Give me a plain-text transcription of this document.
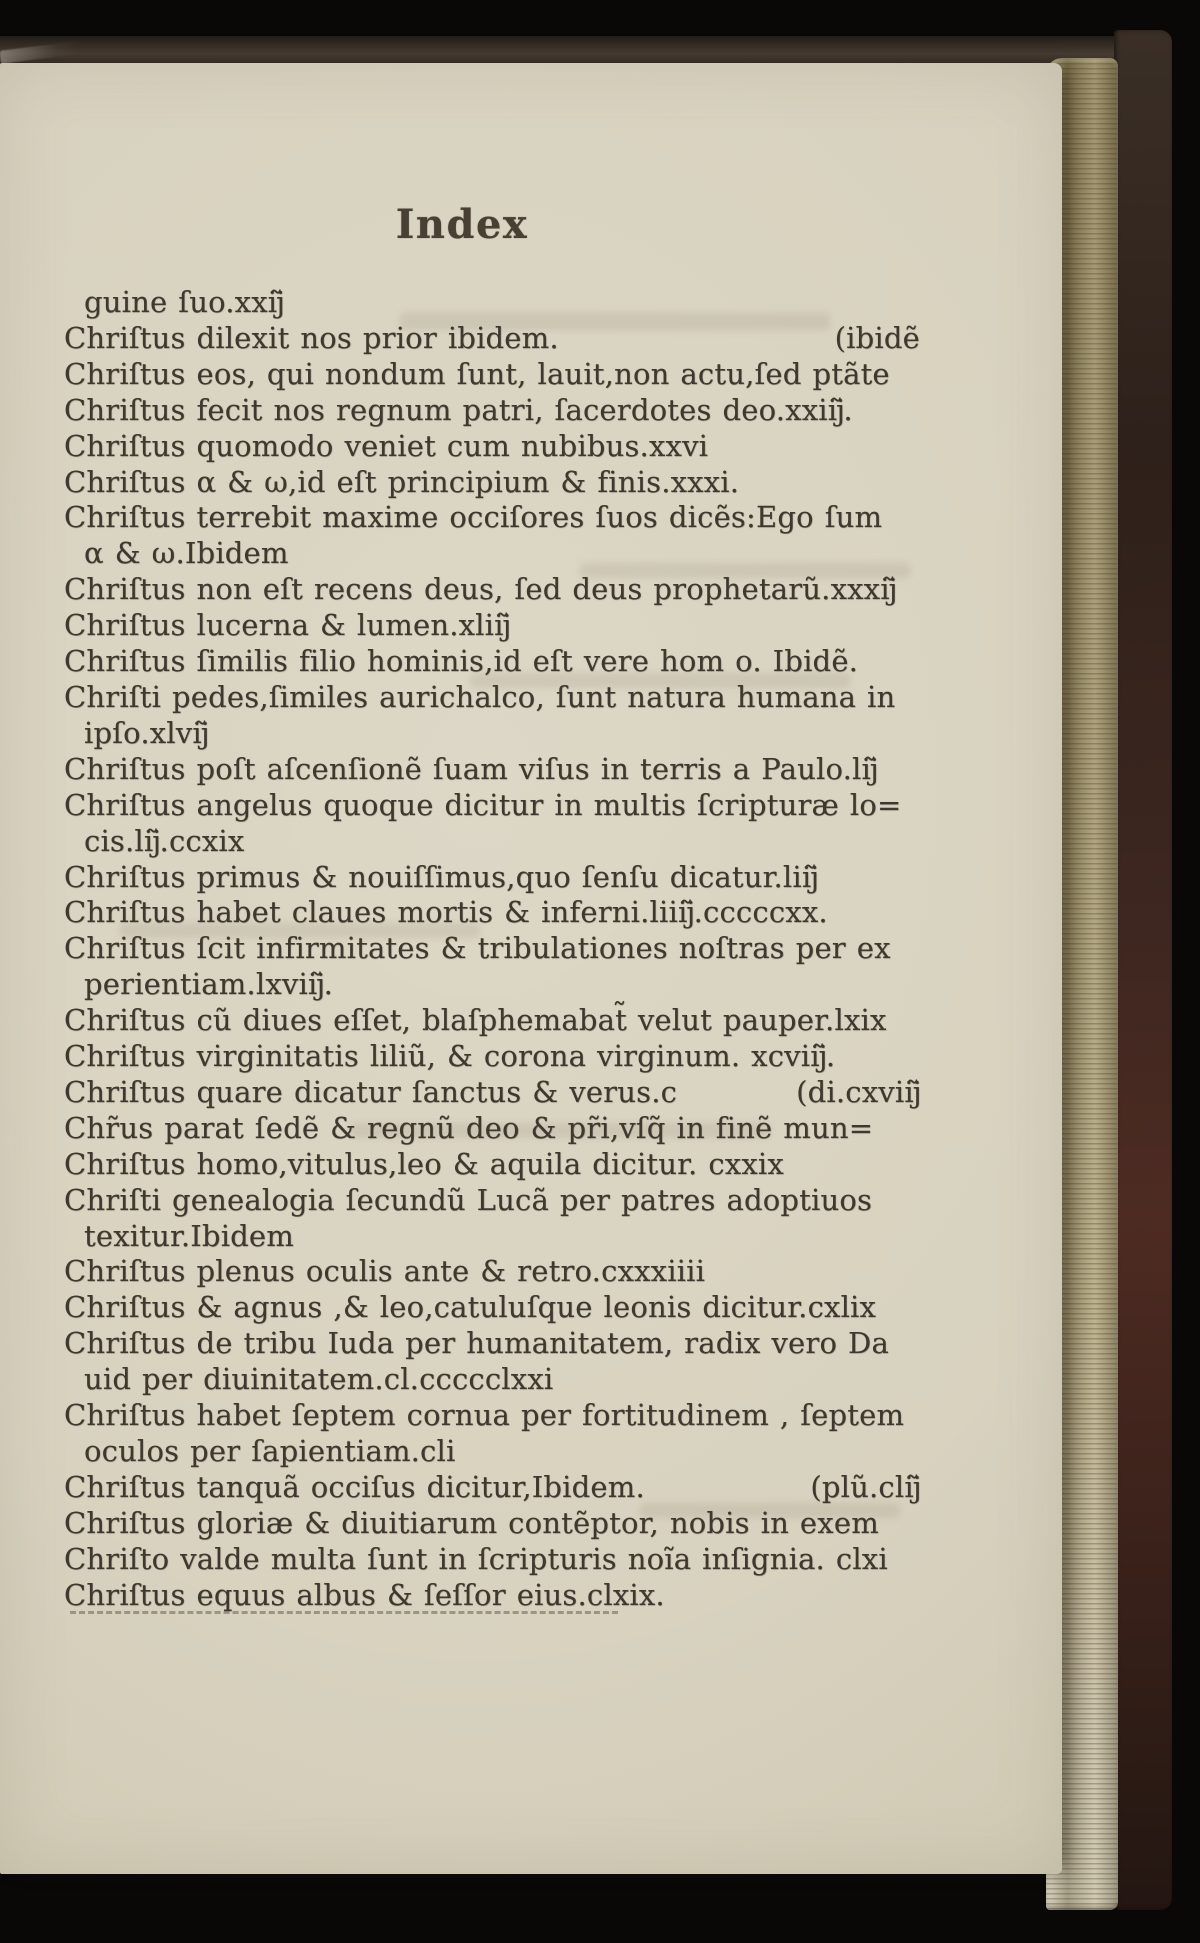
Index
guine ſuo.xxĳ̃
Chriſtus dilexit nos prior ibidem.	(ibidẽ
Chriſtus eos, qui nondum ſunt, lauit,non actu,ſed ptãte
Chriſtus fecit nos regnum patri, ſacerdotes deo.xxiĳ̃.
Chriſtus quomodo veniet cum nubibus.xxvi
Chriſtus α & ω,id eſt principium & finis.xxxi.
Chriſtus terrebit maxime occiſores ſuos dicẽs:Ego ſum
α & ω.Ibidem
Chriſtus non eſt recens deus, ſed deus prophetarũ.xxxĳ̃
Chriſtus lucerna & lumen.xliĳ̃
Chriſtus ſimilis filio hominis,id eſt vere hom o. Ibidẽ.
Chriſti pedes,ſimiles aurichalco, ſunt natura humana in
ipſo.xlvĳ̃
Chriſtus poſt aſcenſionẽ ſuam viſus in terris a Paulo.lĳ̃
Chriſtus angelus quoque dicitur in multis ſcripturæ lo=
cis.lĳ̃.ccxix
Chriſtus primus & nouiſſimus,quo ſenſu dicatur.liĳ̃
Chriſtus habet claues mortis & inferni.liiĳ̃.cccccxx.
Chriſtus ſcit infirmitates & tribulationes noſtras per ex
perientiam.lxviĳ̃.
Chriſtus cũ diues eſſet, blaſphemabat̃ velut pauper.lxix
Chriſtus virginitatis liliũ, & corona virginum. xcviĳ̃.
Chriſtus quare dicatur ſanctus & verus.c	(di.cxviĳ̃
Chr̃us parat ſedẽ & regnũ deo & pr̃i,vſq̃ in finẽ mun=
Chriſtus homo,vitulus,leo & aquila dicitur. cxxix
Chriſti genealogia ſecundũ Lucã per patres adoptiuos
texitur.Ibidem
Chriſtus plenus oculis ante & retro.cxxxiiii
Chriſtus & agnus ,& leo,catuluſque leonis dicitur.cxlix
Chriſtus de tribu Iuda per humanitatem, radix vero Da
uid per diuinitatem.cl.ccccclxxi
Chriſtus habet ſeptem cornua per fortitudinem , ſeptem
oculos per ſapientiam.cli
Chriſtus tanquã occiſus dicitur,Ibidem.	(plũ.clĳ̃
Chriſtus gloriæ & diuitiarum contẽptor, nobis in exem
Chriſto valde multa ſunt in ſcripturis noĩa inſignia. clxi
Chriſtus equus albus & ſeſſor eius.clxix.
